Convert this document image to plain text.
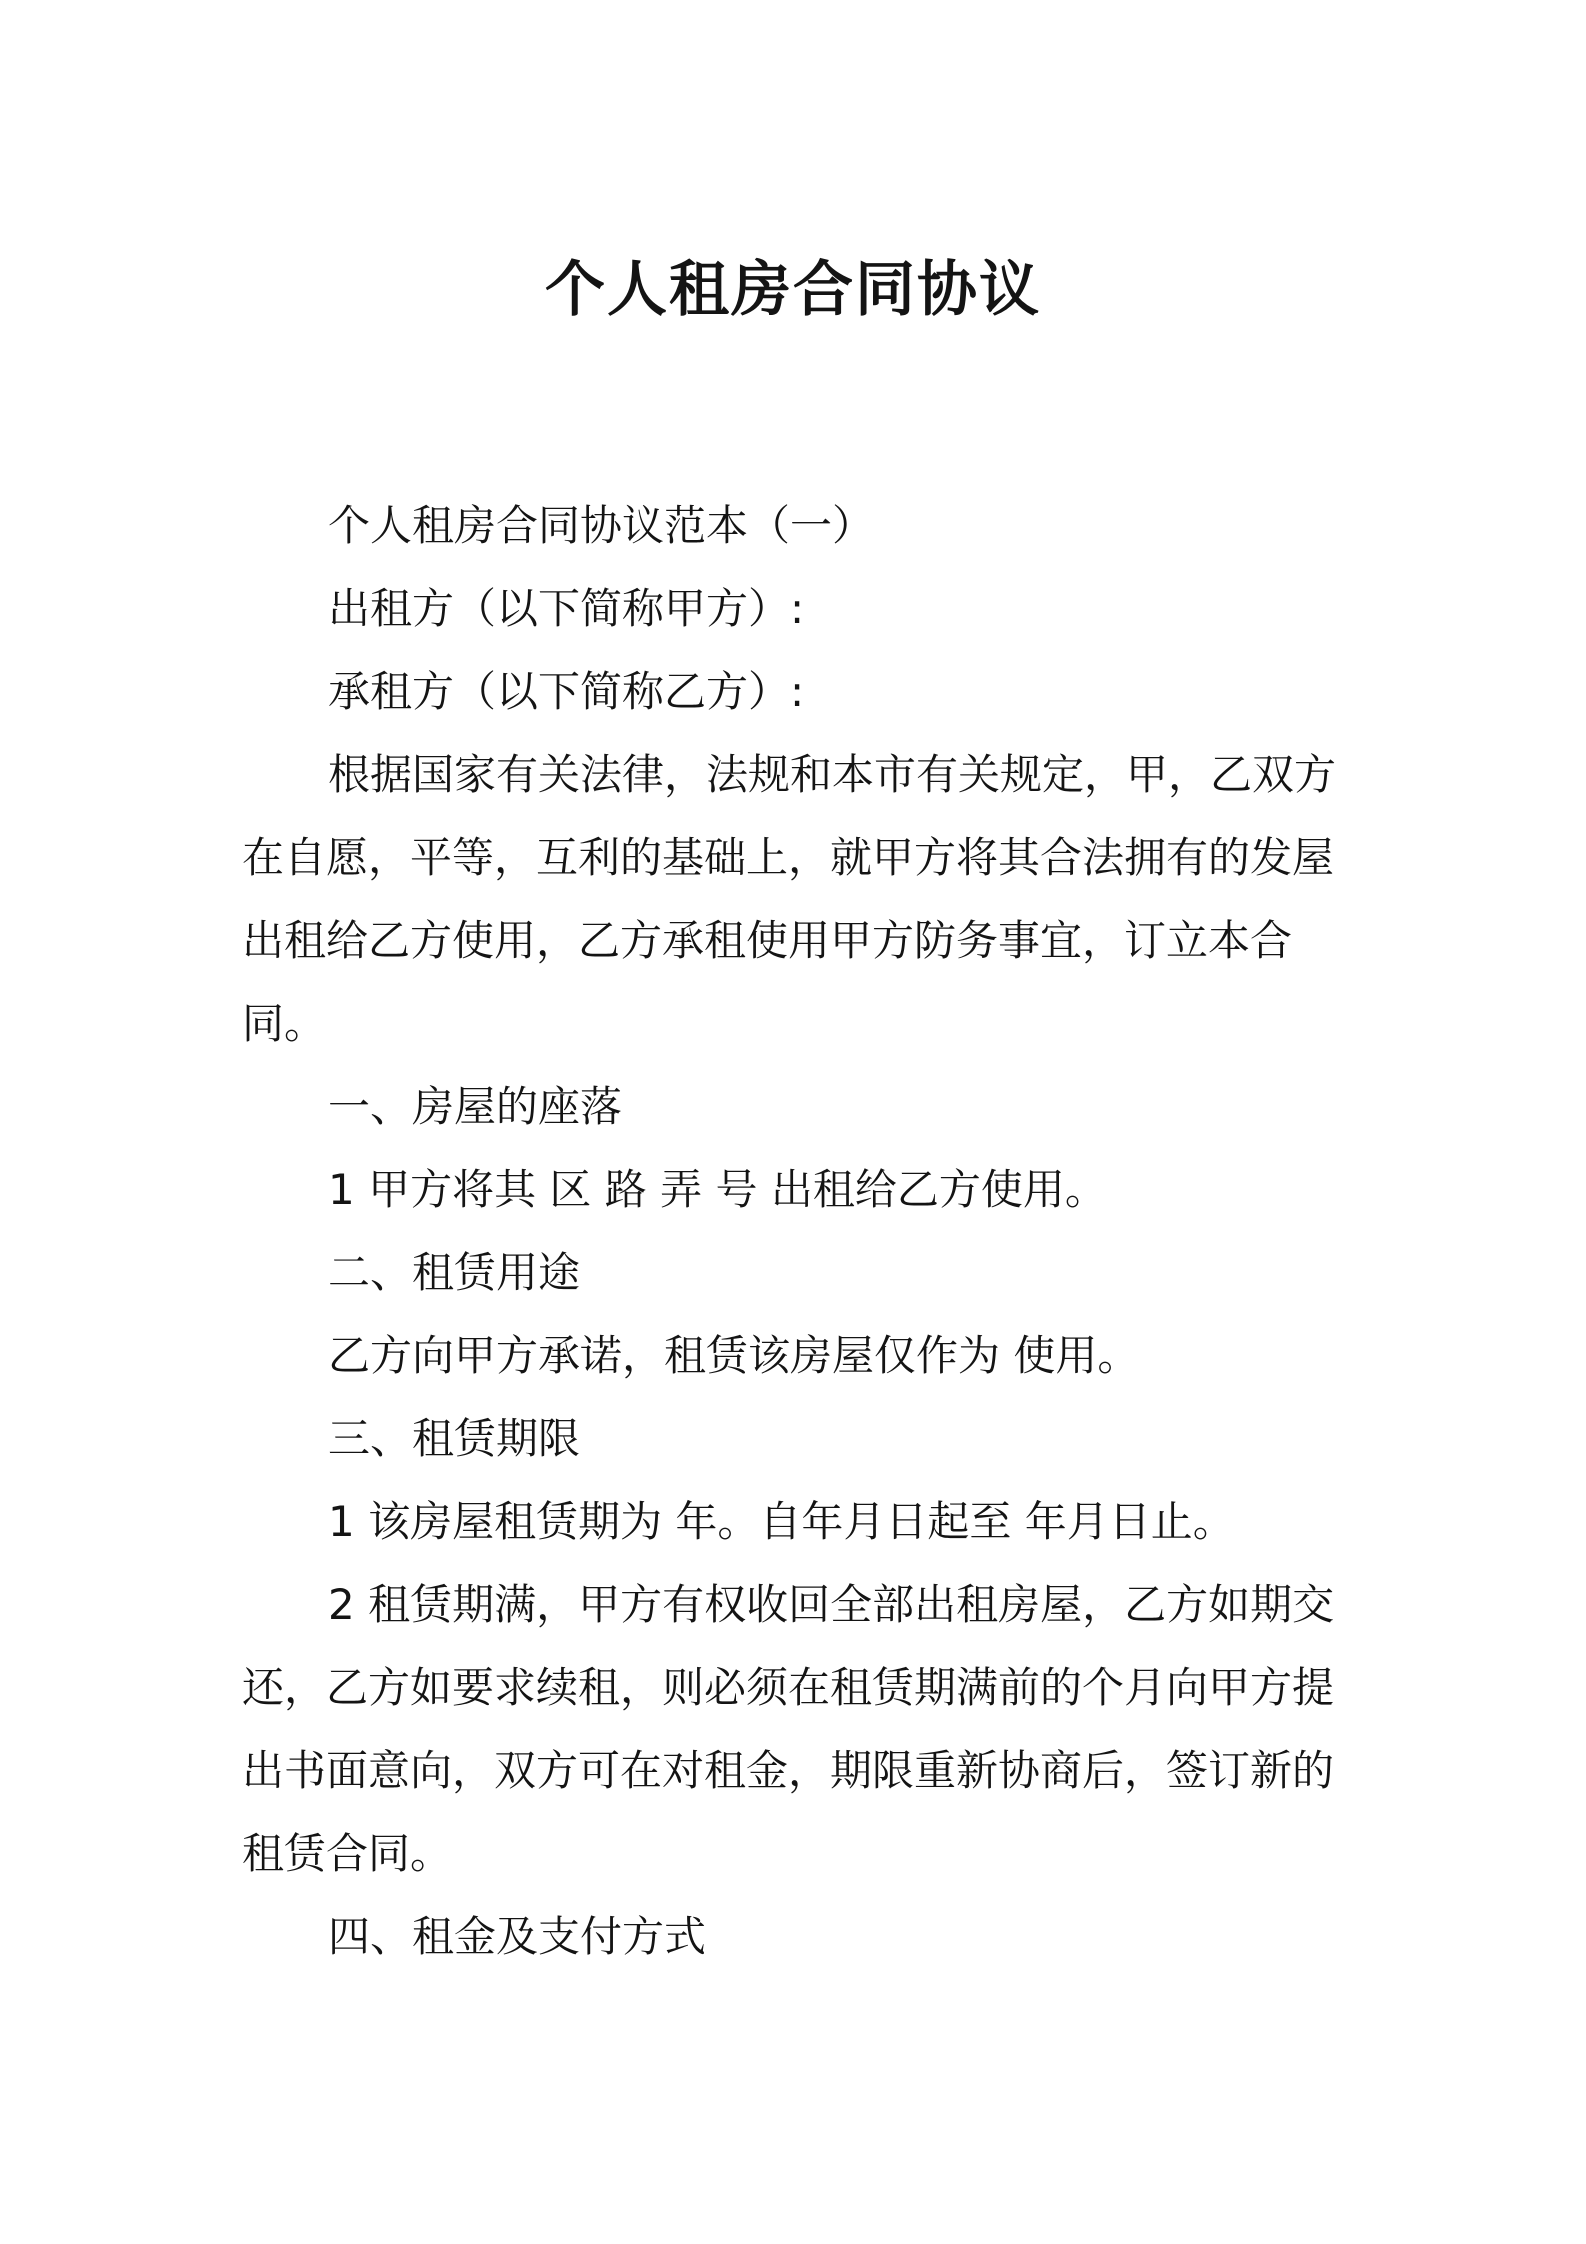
个人租房合同协议

个人租房合同协议范本（一）

出租方（以下简称甲方）:

承租方（以下简称乙方）:

根据国家有关法律，法规和本市有关规定，甲，乙双方在自愿，平等，互利的基础上，就甲方将其合法拥有的发屋出租给乙方使用，乙方承租使用甲方防务事宜，订立本合同。

一、房屋的座落

1 甲方将其 区 路 弄 号 出租给乙方使用。

二、租赁用途

乙方向甲方承诺，租赁该房屋仅作为 使用。

三、租赁期限

1 该房屋租赁期为 年。自年月日起至 年月日止。

2 租赁期满，甲方有权收回全部出租房屋，乙方如期交还，乙方如要求续租，则必须在租赁期满前的个月向甲方提出书面意向，双方可在对租金，期限重新协商后，签订新的租赁合同。

四、租金及支付方式
